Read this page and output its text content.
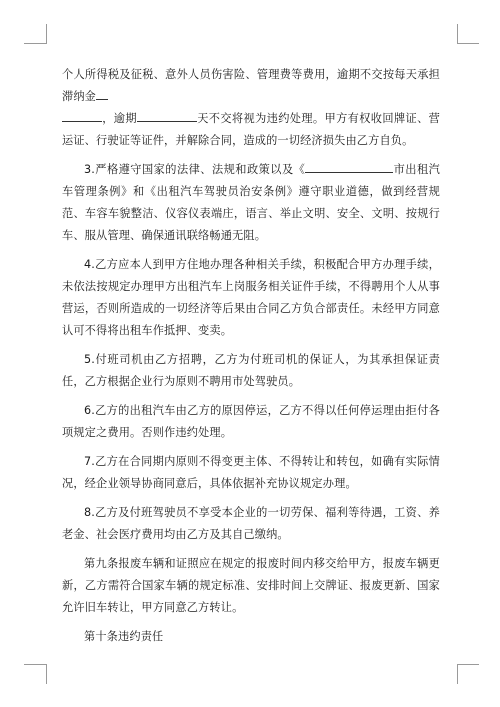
个人所得税及征税、意外人员伤害险、管理费等费用，逾期不交按每天承担滞纳金
，逾期	天不交将视为违约处理。甲方有权收回牌证、营运证、行驶证等证件，并解除合同，造成的一切经济损失由乙方自负。

3.严格遵守国家的法律、法规和政策以及《	市出租汽车管理条例》和《出租汽车驾驶员治安条例》遵守职业道德，做到经营规范、车容车貌整洁、仪容仪表端庄，语言、举止文明、安全、文明、按规行车、服从管理、确保通讯联络畅通无阻。

4.乙方应本人到甲方住地办理各种相关手续，积极配合甲方办理手续，未依法按规定办理甲方出租汽车上岗服务相关证件手续，不得聘用个人从事营运，否则所造成的一切经济等后果由合同乙方负合部责任。未经甲方同意认可不得将出租车作抵押、变卖。

5.付班司机由乙方招聘，乙方为付班司机的保证人，为其承担保证责任，乙方根据企业行为原则不聘用市处驾驶员。

6.乙方的出租汽车由乙方的原因停运，乙方不得以任何停运理由拒付各项规定之费用。否则作违约处理。

7.乙方在合同期内原则不得变更主体、不得转让和转包，如确有实际情况，经企业领导协商同意后，具体依据补充协议规定办理。

8.乙方及付班驾驶员不享受本企业的一切劳保、福利等待遇，工资、养老金、社会医疗费用均由乙方及其自己缴纳。

第九条报废车辆和证照应在规定的报废时间内移交给甲方，报废车辆更新，乙方需符合国家车辆的规定标准、安排时间上交牌证、报废更新、国家允许旧车转让，甲方同意乙方转让。

第十条违约责任
